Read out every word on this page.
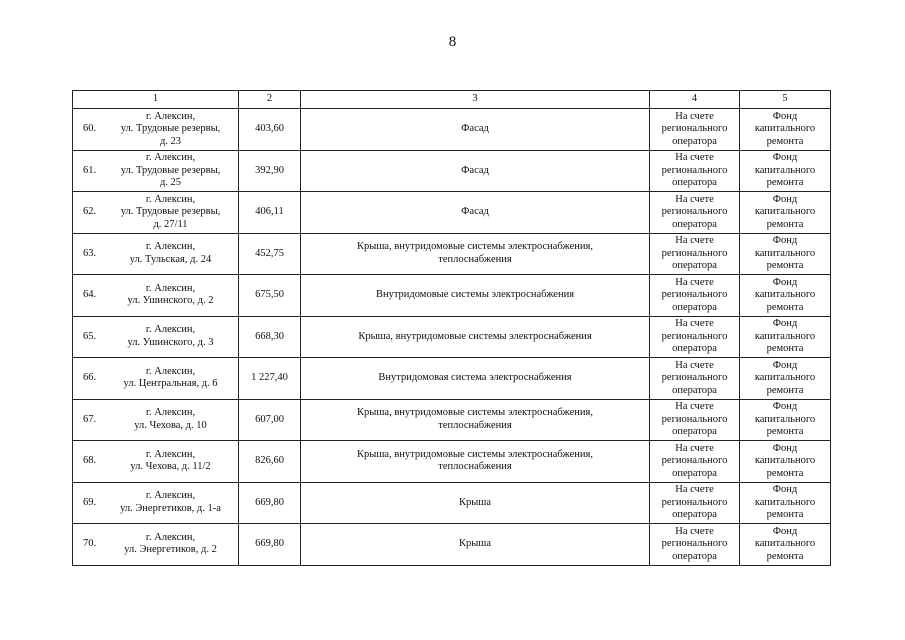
8
1	2	3	4	5

60.
г. Алексин,
ул. Трудовые резервы,
д. 23	403,60	Фасад	На счете
регионального
оператора	Фонд
капитального
ремонта

61.
г. Алексин,
ул. Трудовые резервы,
д. 25	392,90	Фасад	На счете
регионального
оператора	Фонд
капитального
ремонта

62.
г. Алексин,
ул. Трудовые резервы,
д. 27/11	406,11	Фасад	На счете
регионального
оператора	Фонд
капитального
ремонта

63.
г. Алексин,
ул. Тульская, д. 24	452,75	Крыша, внутридомовые системы электроснабжения,
теплоснабжения	На счете
регионального
оператора	Фонд
капитального
ремонта

64.
г. Алексин,
ул. Ушинского, д. 2	675,50	Внутридомовые системы электроснабжения	На счете
регионального
оператора	Фонд
капитального
ремонта

65.
г. Алексин,
ул. Ушинского, д. 3	668,30	Крыша, внутридомовые системы электроснабжения	На счете
регионального
оператора	Фонд
капитального
ремонта

66.
г. Алексин,
ул. Центральная, д. 6	1 227,40	Внутридомовая система электроснабжения	На счете
регионального
оператора	Фонд
капитального
ремонта

67.
г. Алексин,
ул. Чехова, д. 10	607,00	Крыша, внутридомовые системы электроснабжения,
теплоснабжения	На счете
регионального
оператора	Фонд
капитального
ремонта

68.
г. Алексин,
ул. Чехова, д. 11/2	826,60	Крыша, внутридомовые системы электроснабжения,
теплоснабжения	На счете
регионального
оператора	Фонд
капитального
ремонта

69.
г. Алексин,
ул. Энергетиков, д. 1-а	669,80	Крыша	На счете
регионального
оператора	Фонд
капитального
ремонта

70.
г. Алексин,
ул. Энергетиков, д. 2	669,80	Крыша	На счете
регионального
оператора	Фонд
капитального
ремонта
